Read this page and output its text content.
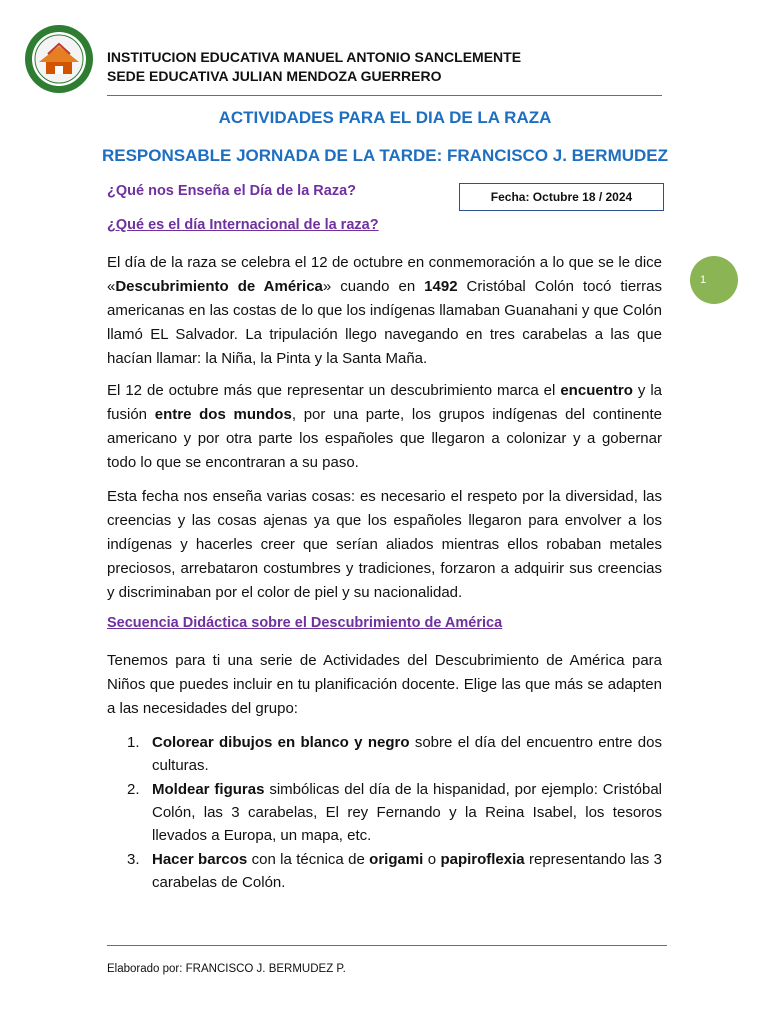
INSTITUCION EDUCATIVA MANUEL ANTONIO SANCLEMENTE
SEDE EDUCATIVA JULIAN MENDOZA GUERRERO
ACTIVIDADES PARA EL DIA DE LA RAZA
RESPONSABLE JORNADA DE LA TARDE: FRANCISCO J. BERMUDEZ
¿Qué nos Enseña el Día de la Raza?	Fecha: Octubre 18 / 2024
¿Qué es el día Internacional de la raza?
1

El día de la raza se celebra el 12 de octubre en conmemoración a lo que se le dice «Descubrimiento de América» cuando en 1492 Cristóbal Colón tocó tierras americanas en las costas de lo que los indígenas llamaban Guanahani y que Colón llamó EL Salvador. La tripulación llego navegando en tres carabelas a las que hacían llamar: la Niña, la Pinta y la Santa Maña.

El 12 de octubre más que representar un descubrimiento marca el encuentro y la fusión entre dos mundos, por una parte, los grupos indígenas del continente americano y por otra parte los españoles que llegaron a colonizar y a gobernar todo lo que se encontraran a su paso.

Esta fecha nos enseña varias cosas: es necesario el respeto por la diversidad, las creencias y las cosas ajenas ya que los españoles llegaron para envolver a los indígenas y hacerles creer que serían aliados mientras ellos robaban metales preciosos, arrebataron costumbres y tradiciones, forzaron a adquirir sus creencias y discriminaban por el color de piel y su nacionalidad.

Secuencia Didáctica sobre el Descubrimiento de América

Tenemos para ti una serie de Actividades del Descubrimiento de América para Niños que puedes incluir en tu planificación docente. Elige las que más se adapten a las necesidades del grupo:

1. Colorear dibujos en blanco y negro sobre el día del encuentro entre dos culturas.
2. Moldear figuras simbólicas del día de la hispanidad, por ejemplo: Cristóbal Colón, las 3 carabelas, El rey Fernando y la Reina Isabel, los tesoros llevados a Europa, un mapa, etc.
3. Hacer barcos con la técnica de origami o papiroflexia representando las 3 carabelas de Colón.
Elaborado por: FRANCISCO J. BERMUDEZ P.
